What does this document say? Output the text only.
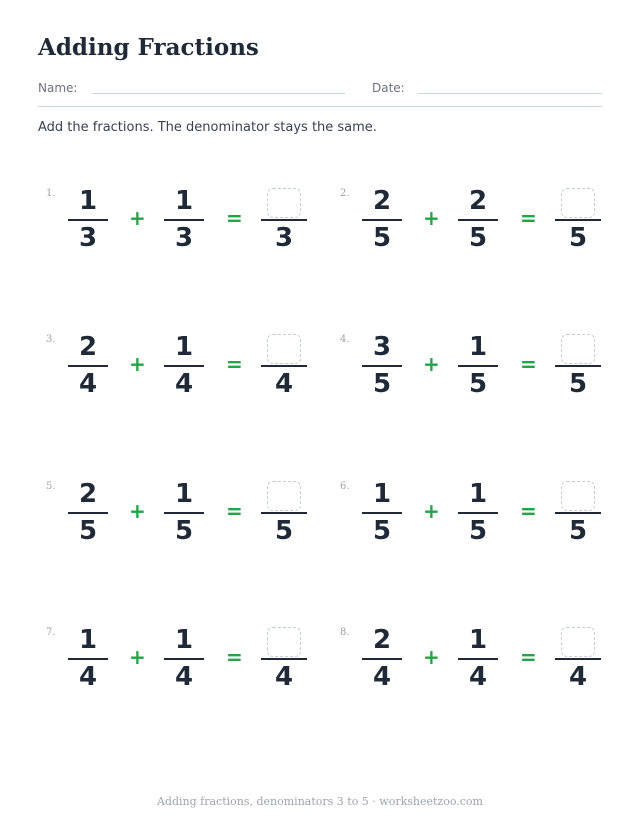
Adding Fractions
Name:	Date:
Add the fractions. The denominator stays the same.
1. 1
3
+
1
3
=
3
2. 2
5
+
2
5
=
5
3. 2
4
+
1
4
=
4
4. 3
5
+
1
5
=
5
5. 2
5
+
1
5
=
5
6. 1
5
+
1
5
=
5
7. 1
4
+
1
4
=
4
8. 2
4
+
1
4
=
4
Adding fractions, denominators 3 to 5 · worksheetzoo.com
